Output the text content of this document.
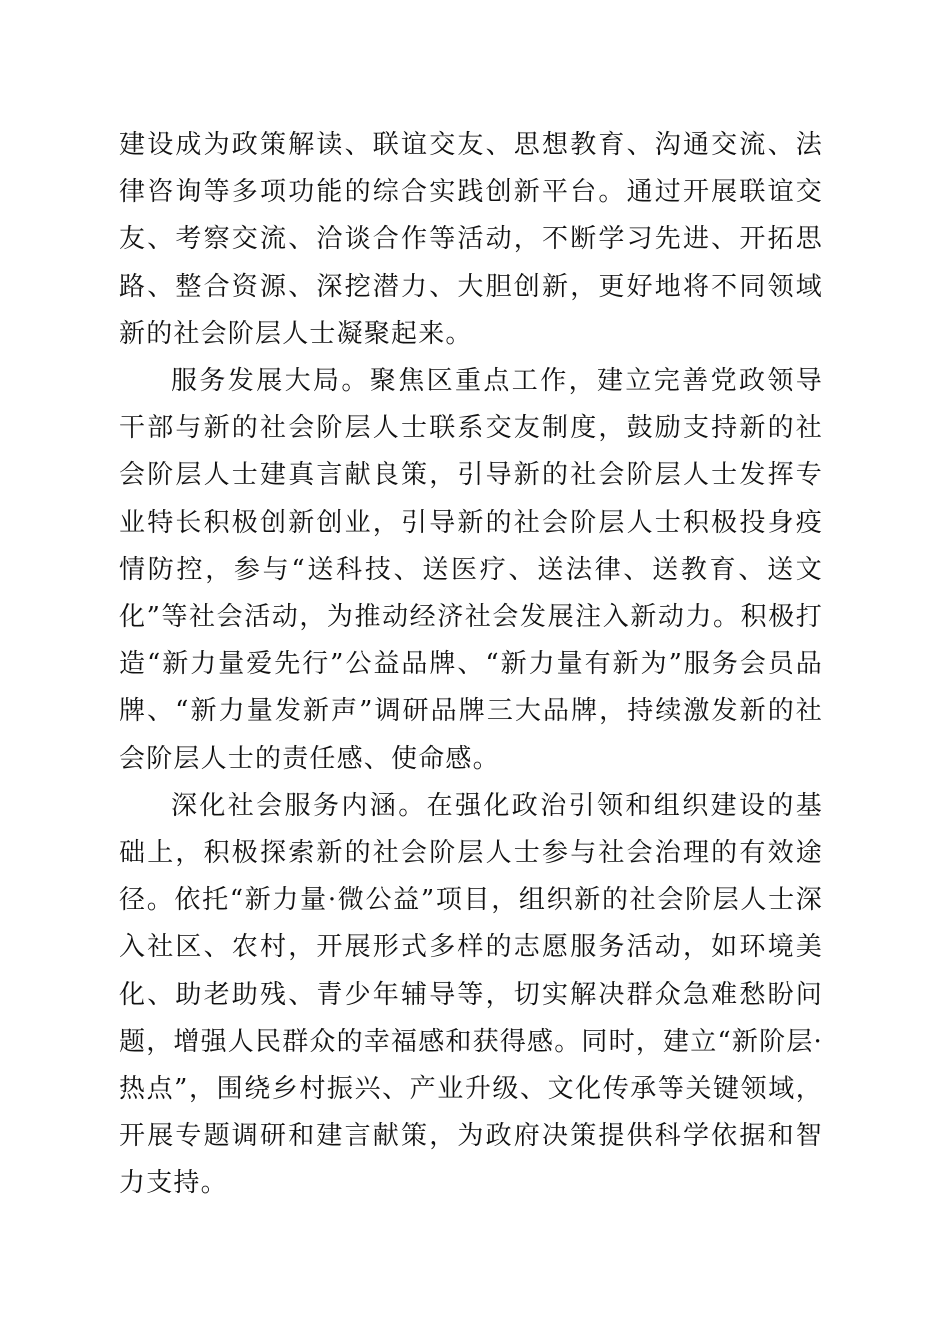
建设成为政策解读、联谊交友、思想教育、沟通交流、法律咨询等多项功能的综合实践创新平台。通过开展联谊交友、考察交流、洽谈合作等活动，不断学习先进、开拓思路、整合资源、深挖潜力、大胆创新，更好地将不同领域新的社会阶层人士凝聚起来。

服务发展大局。聚焦区重点工作，建立完善党政领导干部与新的社会阶层人士联系交友制度，鼓励支持新的社会阶层人士建真言献良策，引导新的社会阶层人士发挥专业特长积极创新创业，引导新的社会阶层人士积极投身疫情防控，参与“送科技、送医疗、送法律、送教育、送文化”等社会活动，为推动经济社会发展注入新动力。积极打造“新力量爱先行”公益品牌、“新力量有新为”服务会员品牌、“新力量发新声”调研品牌三大品牌，持续激发新的社会阶层人士的责任感、使命感。

深化社会服务内涵。在强化政治引领和组织建设的基础上，积极探索新的社会阶层人士参与社会治理的有效途径。依托“新力量·微公益”项目，组织新的社会阶层人士深入社区、农村，开展形式多样的志愿服务活动，如环境美化、助老助残、青少年辅导等，切实解决群众急难愁盼问题，增强人民群众的幸福感和获得感。同时，建立“新阶层·热点”，围绕乡村振兴、产业升级、文化传承等关键领域，开展专题调研和建言献策，为政府决策提供科学依据和智力支持。
